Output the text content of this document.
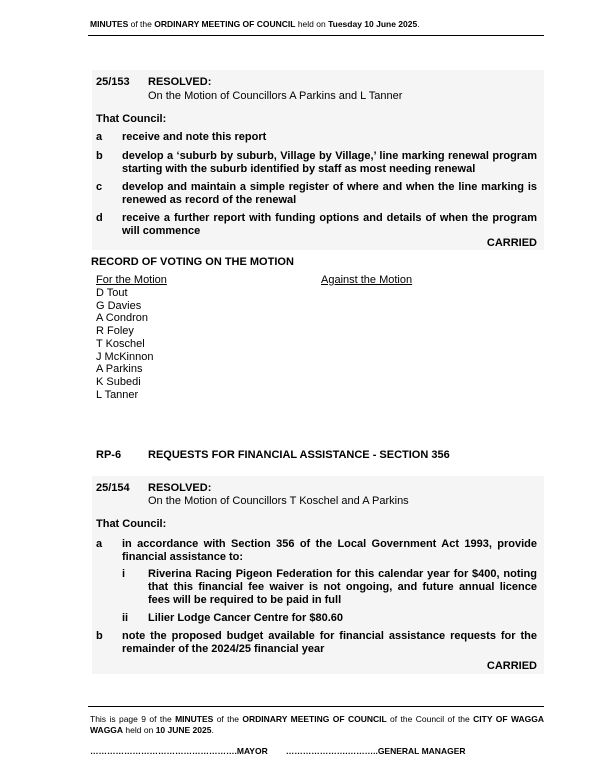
MINUTES of the ORDINARY MEETING OF COUNCIL held on Tuesday 10 June 2025.
25/153 RESOLVED:
On the Motion of Councillors A Parkins and L Tanner
That Council:
a	receive and note this report
b	develop a ‘suburb by suburb, Village by Village,’ line marking renewal program starting with the suburb identified by staff as most needing renewal
c	develop and maintain a simple register of where and when the line marking is renewed as record of the renewal
d	receive a further report with funding options and details of when the program will commence
CARRIED
RECORD OF VOTING ON THE MOTION
For the Motion	Against the Motion
D Tout
G Davies
A Condron
R Foley
T Koschel
J McKinnon
A Parkins
K Subedi
L Tanner
RP-6 REQUESTS FOR FINANCIAL ASSISTANCE - SECTION 356
25/154 RESOLVED:
On the Motion of Councillors T Koschel and A Parkins
That Council:
a	in accordance with Section 356 of the Local Government Act 1993, provide financial assistance to:
i	Riverina Racing Pigeon Federation for this calendar year for $400, noting that this financial fee waiver is not ongoing, and future annual licence fees will be required to be paid in full
ii	Lilier Lodge Cancer Centre for $80.60
b	note the proposed budget available for financial assistance requests for the remainder of the 2024/25 financial year
CARRIED
This is page 9 of the MINUTES of the ORDINARY MEETING OF COUNCIL of the Council of the CITY OF WAGGA WAGGA held on 10 JUNE 2025.
…………………………………………….MAYOR ………………….………..GENERAL MANAGER
